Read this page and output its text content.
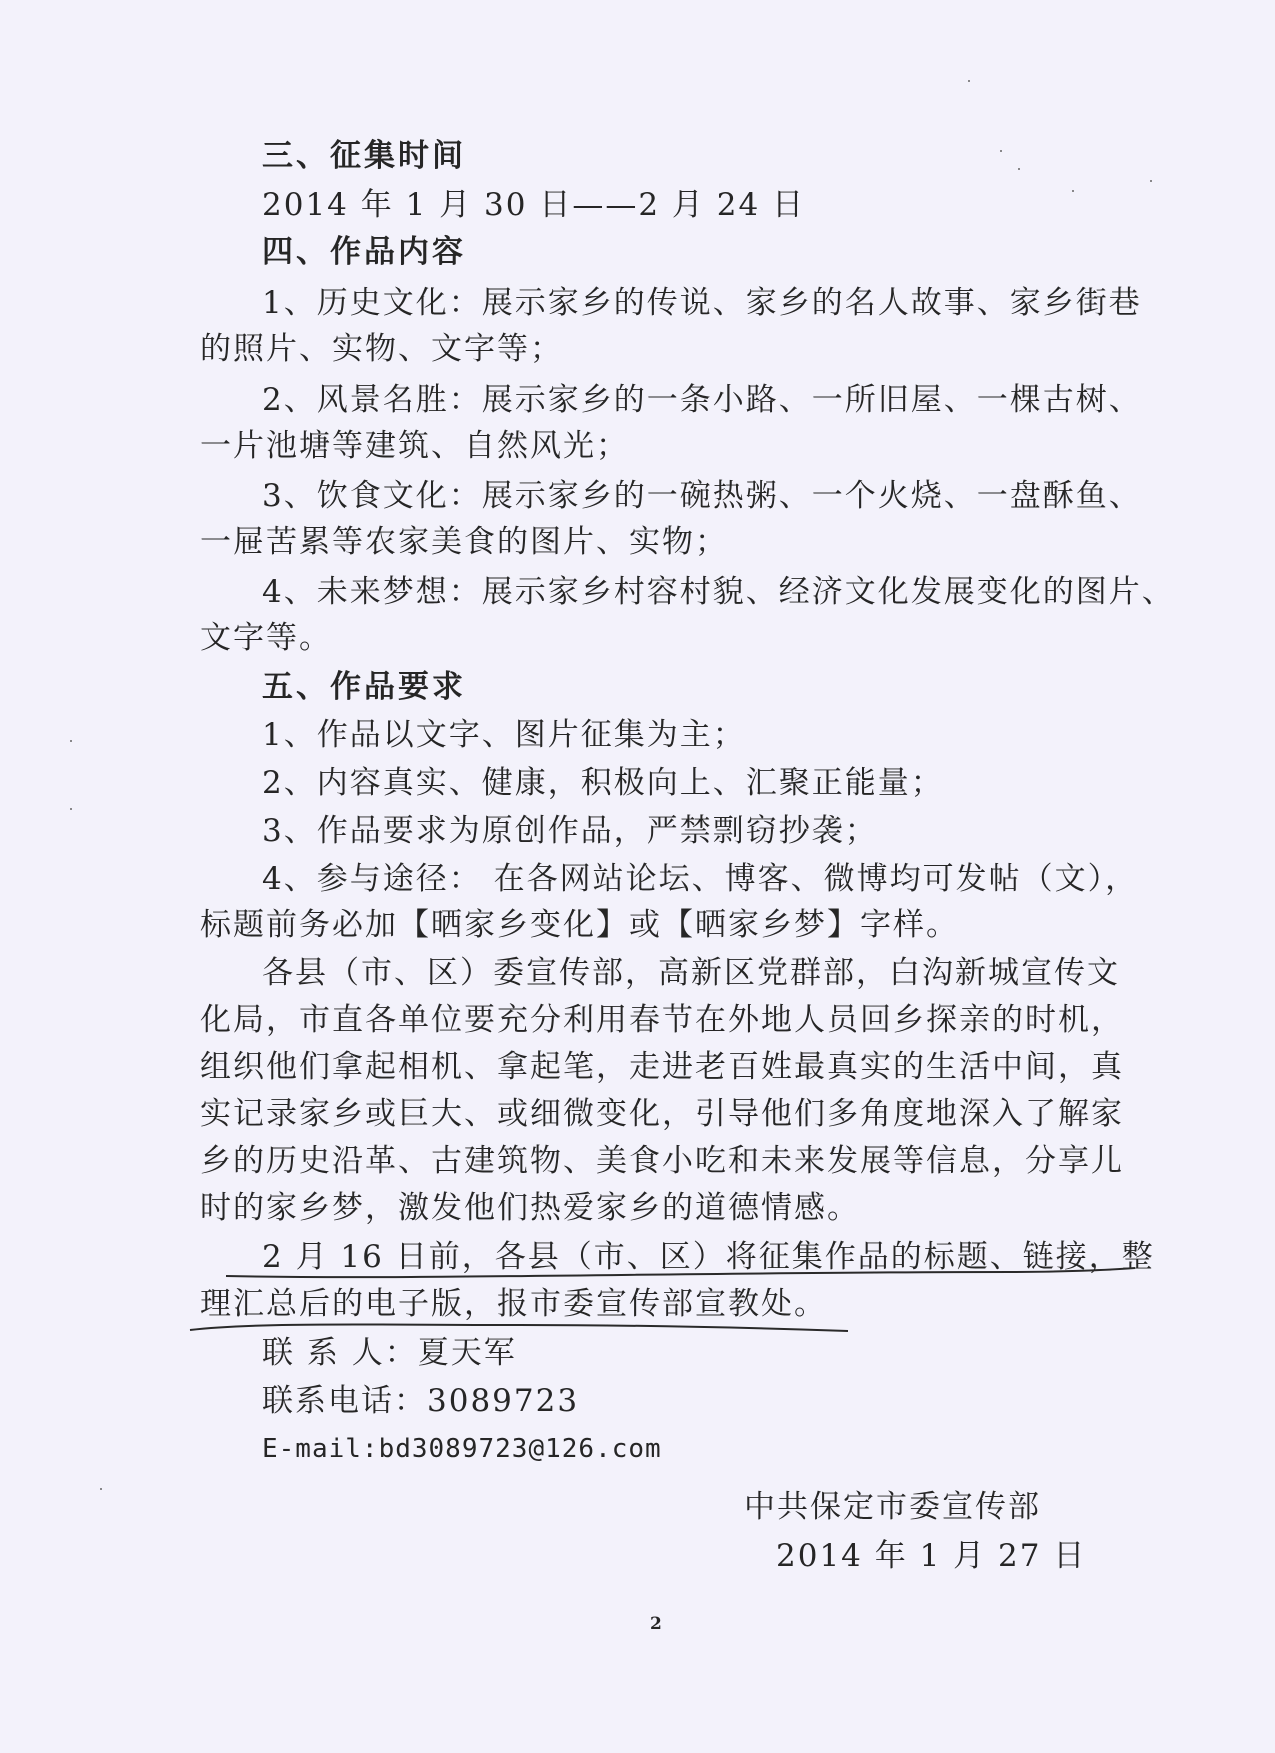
三、征集时间
2014 年 1 月 30 日——2 月 24 日
四、作品内容
1、历史文化：展示家乡的传说、家乡的名人故事、家乡街巷
的照片、实物、文字等；
2、风景名胜：展示家乡的一条小路、一所旧屋、一棵古树、
一片池塘等建筑、自然风光；
3、饮食文化：展示家乡的一碗热粥、一个火烧、一盘酥鱼、
一屉苦累等农家美食的图片、实物；
4、未来梦想：展示家乡村容村貌、经济文化发展变化的图片、
文字等。
五、作品要求
1、作品以文字、图片征集为主；
2、内容真实、健康，积极向上、汇聚正能量；
3、作品要求为原创作品，严禁剽窃抄袭；
4、参与途径： 在各网站论坛、博客、微博均可发帖（文），
标题前务必加【晒家乡变化】或【晒家乡梦】字样。
各县（市、区）委宣传部，高新区党群部，白沟新城宣传文
化局，市直各单位要充分利用春节在外地人员回乡探亲的时机，
组织他们拿起相机、拿起笔，走进老百姓最真实的生活中间，真
实记录家乡或巨大、或细微变化，引导他们多角度地深入了解家
乡的历史沿革、古建筑物、美食小吃和未来发展等信息，分享儿
时的家乡梦，激发他们热爱家乡的道德情感。
2 月 16 日前，各县（市、区）将征集作品的标题、链接，整
理汇总后的电子版，报市委宣传部宣教处。
联 系 人：夏天军
联系电话：3089723
E-mail:bd3089723@126.com
中共保定市委宣传部
2014 年 1 月 27 日
2
